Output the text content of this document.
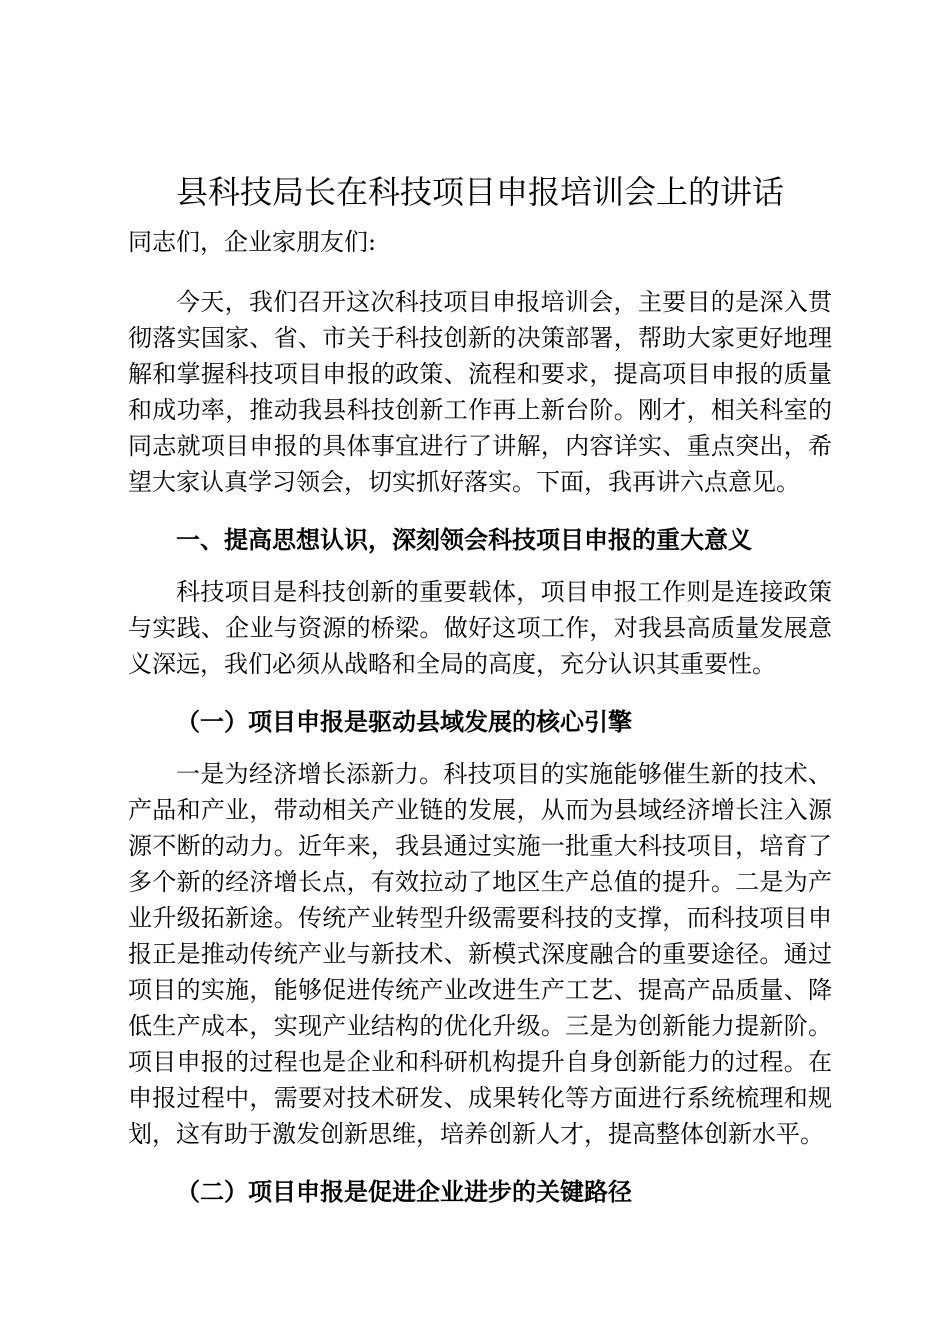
县科技局长在科技项目申报培训会上的讲话

同志们，企业家朋友们:

今天，我们召开这次科技项目申报培训会，主要目的是深入贯彻落实国家、省、市关于科技创新的决策部署，帮助大家更好地理解和掌握科技项目申报的政策、流程和要求，提高项目申报的质量和成功率，推动我县科技创新工作再上新台阶。刚才，相关科室的同志就项目申报的具体事宜进行了讲解，内容详实、重点突出，希望大家认真学习领会，切实抓好落实。下面，我再讲六点意见。

一、提高思想认识，深刻领会科技项目申报的重大意义

科技项目是科技创新的重要载体，项目申报工作则是连接政策与实践、企业与资源的桥梁。做好这项工作，对我县高质量发展意义深远，我们必须从战略和全局的高度，充分认识其重要性。

（一）项目申报是驱动县域发展的核心引擎

一是为经济增长添新力。科技项目的实施能够催生新的技术、产品和产业，带动相关产业链的发展，从而为县域经济增长注入源源不断的动力。近年来，我县通过实施一批重大科技项目，培育了多个新的经济增长点，有效拉动了地区生产总值的提升。二是为产业升级拓新途。传统产业转型升级需要科技的支撑，而科技项目申报正是推动传统产业与新技术、新模式深度融合的重要途径。通过项目的实施，能够促进传统产业改进生产工艺、提高产品质量、降低生产成本，实现产业结构的优化升级。三是为创新能力提新阶。项目申报的过程也是企业和科研机构提升自身创新能力的过程。在申报过程中，需要对技术研发、成果转化等方面进行系统梳理和规划，这有助于激发创新思维，培养创新人才，提高整体创新水平。

（二）项目申报是促进企业进步的关键路径
